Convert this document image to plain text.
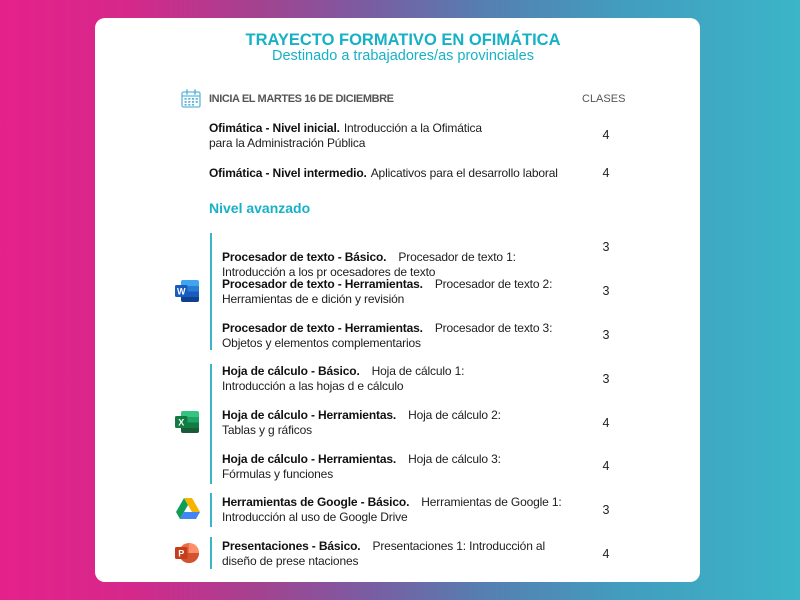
TRAYECTO FORMATIVO EN OFIMÁTICA
Destinado a trabajadores/as provinciales
INICIA EL MARTES 16 DE DICIEMBRE	CLASES
Ofimática - Nivel inicial. Introducción a la Ofimática
para la Administración Pública
4
Ofimática - Nivel intermedio. Aplicativos para el desarrollo laboral	4
Nivel avanzado
W
Procesador de texto - Básico. Procesador de texto 1:
Introducción a los pr ocesadores de texto
3
Procesador de texto - Herramientas. Procesador de texto 2:
Herramientas de e dición y revisión
3
Procesador de texto - Herramientas. Procesador de texto 3:
Objetos y elementos complementarios
3
X
Hoja de cálculo - Básico. Hoja de cálculo 1:
Introducción a las hojas d e cálculo	3
Hoja de cálculo - Herramientas. Hoja de cálculo 2:
Tablas y g ráficos	4
Hoja de cálculo - Herramientas. Hoja de cálculo 3:
Fórmulas y funciones
4
Herramientas de Google - Básico. Herramientas de Google 1:
Introducción al uso de Google Drive	3
P
Presentaciones - Básico. Presentaciones 1: Introducción al
diseño de prese ntaciones	4
